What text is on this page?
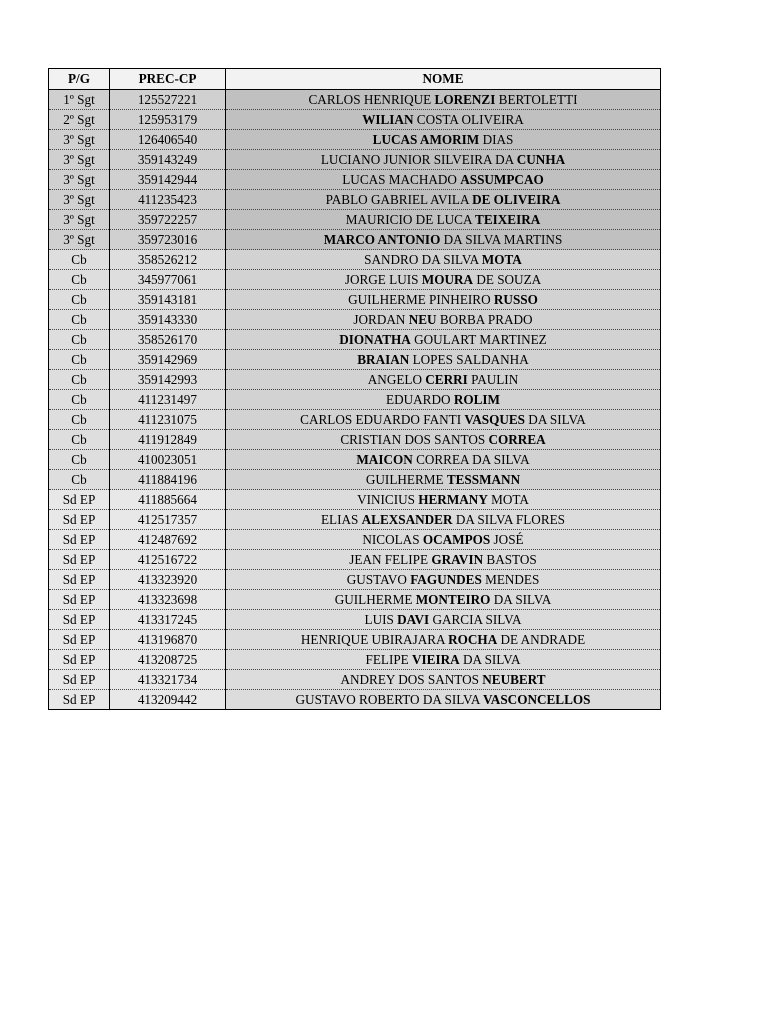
P/G	PREC-CP	NOME
1º Sgt	125527221	CARLOS HENRIQUE LORENZI BERTOLETTI
2º Sgt	125953179	WILIAN COSTA OLIVEIRA
3º Sgt	126406540	LUCAS AMORIM DIAS
3º Sgt	359143249	LUCIANO JUNIOR SILVEIRA DA CUNHA
3º Sgt	359142944	LUCAS MACHADO ASSUMPCAO
3º Sgt	411235423	PABLO GABRIEL AVILA DE OLIVEIRA
3º Sgt	359722257	MAURICIO DE LUCA TEIXEIRA
3º Sgt	359723016	MARCO ANTONIO DA SILVA MARTINS
Cb	358526212	SANDRO DA SILVA MOTA
Cb	345977061	JORGE LUIS MOURA DE SOUZA
Cb	359143181	GUILHERME PINHEIRO RUSSO
Cb	359143330	JORDAN NEU BORBA PRADO
Cb	358526170	DIONATHA GOULART MARTINEZ
Cb	359142969	BRAIAN LOPES SALDANHA
Cb	359142993	ANGELO CERRI PAULIN
Cb	411231497	EDUARDO ROLIM
Cb	411231075	CARLOS EDUARDO FANTI VASQUES DA SILVA
Cb	411912849	CRISTIAN DOS SANTOS CORREA
Cb	410023051	MAICON CORREA DA SILVA
Cb	411884196	GUILHERME TESSMANN
Sd EP	411885664	VINICIUS HERMANY MOTA
Sd EP	412517357	ELIAS ALEXSANDER DA SILVA FLORES
Sd EP	412487692	NICOLAS OCAMPOS JOSÉ
Sd EP	412516722	JEAN FELIPE GRAVIN BASTOS
Sd EP	413323920	GUSTAVO FAGUNDES MENDES
Sd EP	413323698	GUILHERME MONTEIRO DA SILVA
Sd EP	413317245	LUIS DAVI GARCIA SILVA
Sd EP	413196870	HENRIQUE UBIRAJARA ROCHA DE ANDRADE
Sd EP	413208725	FELIPE VIEIRA DA SILVA
Sd EP	413321734	ANDREY DOS SANTOS NEUBERT
Sd EP	413209442	GUSTAVO ROBERTO DA SILVA VASCONCELLOS
